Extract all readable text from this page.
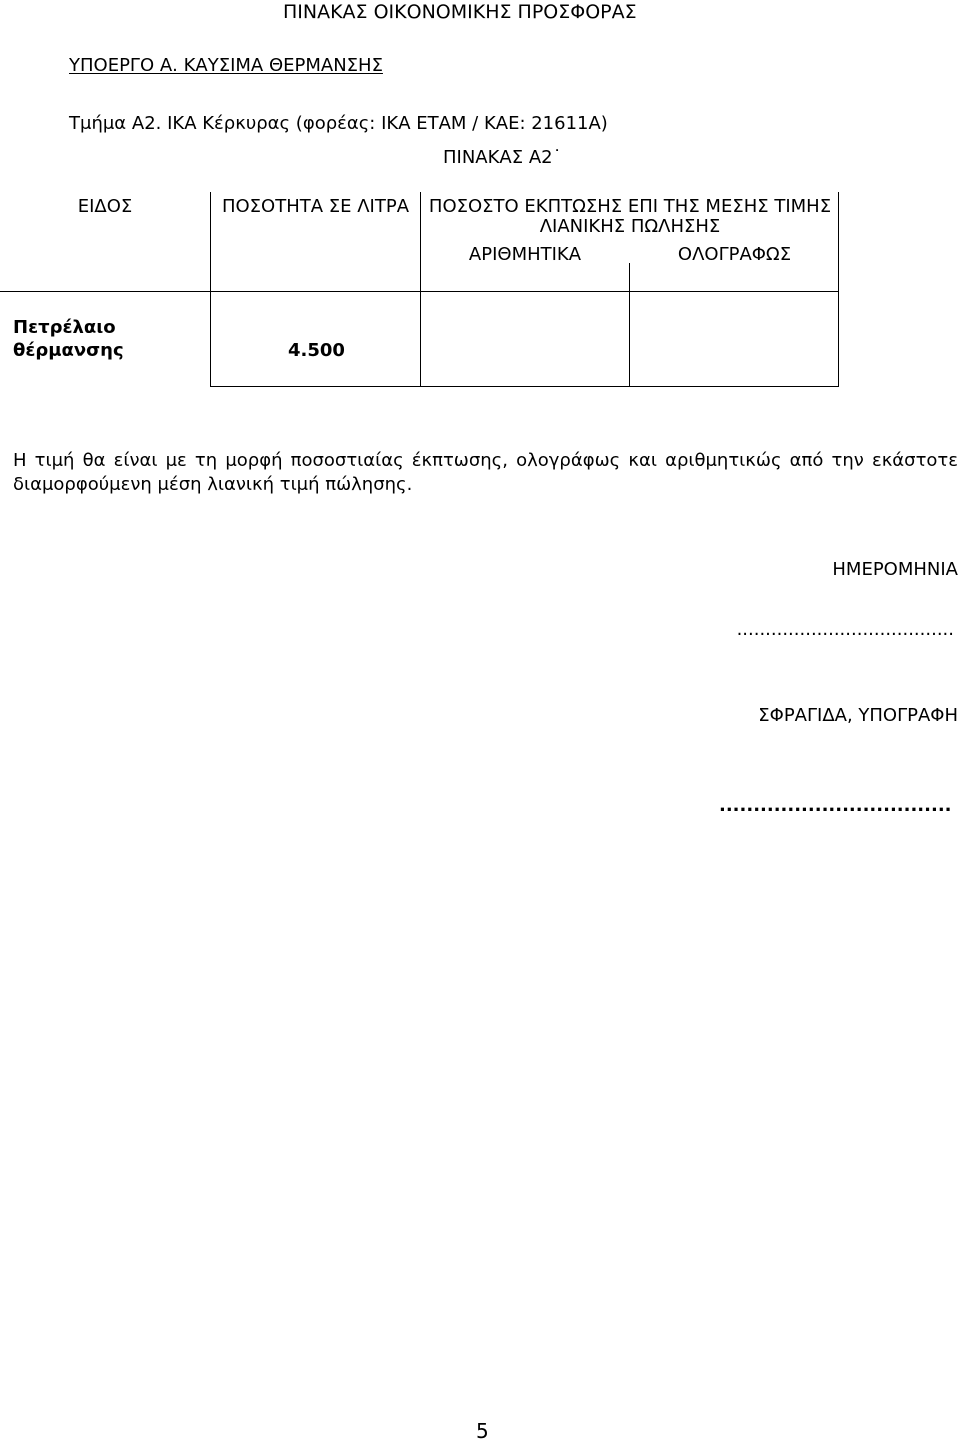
ΠΙΝΑΚΑΣ ΟΙΚΟΝΟΜΙΚΗΣ ΠΡΟΣΦΟΡΑΣ
ΥΠΟΕΡΓΟ Α. ΚΑΥΣΙΜΑ ΘΕΡΜΑΝΣΗΣ
Τμήμα Α2. ΙΚΑ Κέρκυρας (φορέας: ΙΚΑ ΕΤΑΜ / ΚΑΕ: 21611Α)
ΠΙΝΑΚΑΣ Α2˙
ΕΙΔΟΣ	ΠΟΣΟΤΗΤΑ ΣΕ ΛΙΤΡΑ	ΠΟΣΟΣΤΟ ΕΚΠΤΩΣΗΣ ΕΠΙ ΤΗΣ ΜΕΣΗΣ ΤΙΜΗΣ ΛΙΑΝΙΚΗΣ ΠΩΛΗΣΗΣ
ΑΡΙΘΜΗΤΙΚΑ	ΟΛΟΓΡΑΦΩΣ
Πετρέλαιο θέρμανσης	4.500
Η τιμή θα είναι με τη μορφή ποσοστιαίας έκπτωσης, ολογράφως και αριθμητικώς από την εκάστοτε διαμορφούμενη μέση λιανική τιμή πώλησης.
ΗΜΕΡΟΜΗΝΙΑ
......................................
ΣΦΡΑΓΙΔΑ, ΥΠΟΓΡΑΦΗ
..................................
5
